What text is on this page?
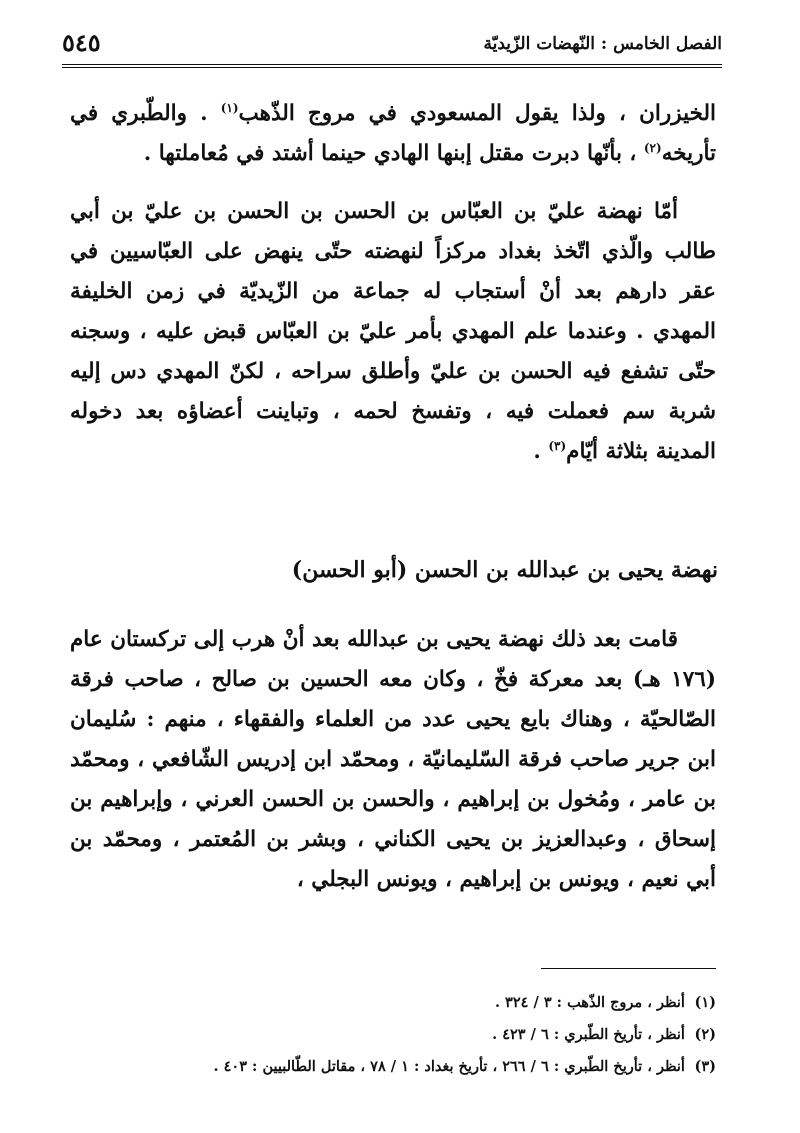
الفصل الخامس : النّهضات الزّيديّة
٥٤٥
الخيزران ، ولذا يقول المسعودي في مروج الذّهب$^{(١)}$ . والطّبري في تأريخه$^{(٢)}$ ، بأنّها دبرت مقتل إبنها الهادي حينما أشتد في مُعاملتها .
أمّا نهضة عليّ بن العبّاس بن الحسن بن الحسن بن عليّ بن أبي طالب والّذي اتّخذ بغداد مركزاً لنهضته حتّى ينهض على العبّاسيين في عقر دارهم بعد أنْ أستجاب له جماعة من الزّيديّة في زمن الخليفة المهدي . وعندما علم المهدي بأمر عليّ بن العبّاس قبض عليه ، وسجنه حتّى تشفع فيه الحسن بن عليّ وأطلق سراحه ، لكنّ المهدي دس إليه شربة سم فعملت فيه ، وتفسخ لحمه ، وتباينت أعضاؤه بعد دخوله المدينة بثلاثة أيّام$^{(٣)}$ .
نهضة يحيى بن عبدالله بن الحسن (أبو الحسن)
قامت بعد ذلك نهضة يحيى بن عبدالله بعد أنْ هرب إلى تركستان عام (١٧٦ هـ) بعد معركة فخّ ، وكان معه الحسين بن صالح ، صاحب فرقة الصّالحيّة ، وهناك بايع يحيى عدد من العلماء والفقهاء ، منهم : سُليمان ابن جرير صاحب فرقة السّليمانيّة ، ومحمّد ابن إدريس الشّافعي ، ومحمّد بن عامر ، ومُخول بن إبراهيم ، والحسن بن الحسن العرني ، وإبراهيم بن إسحاق ، وعبدالعزيز بن يحيى الكناني ، وبشر بن المُعتمر ، ومحمّد بن أبي نعيم ، ويونس بن إبراهيم ، ويونس البجلي ،
(١) أنظر ، مروج الذّهب : ٣ / ٣٢٤ .
(٢) أنظر ، تأريخ الطّبري : ٦ / ٤٢٣ .
(٣) أنظر ، تأريخ الطّبري : ٦ / ٢٦٦ ، تأريخ بغداد : ١ / ٧٨ ، مقاتل الطّالبيين : ٤٠٣ .
